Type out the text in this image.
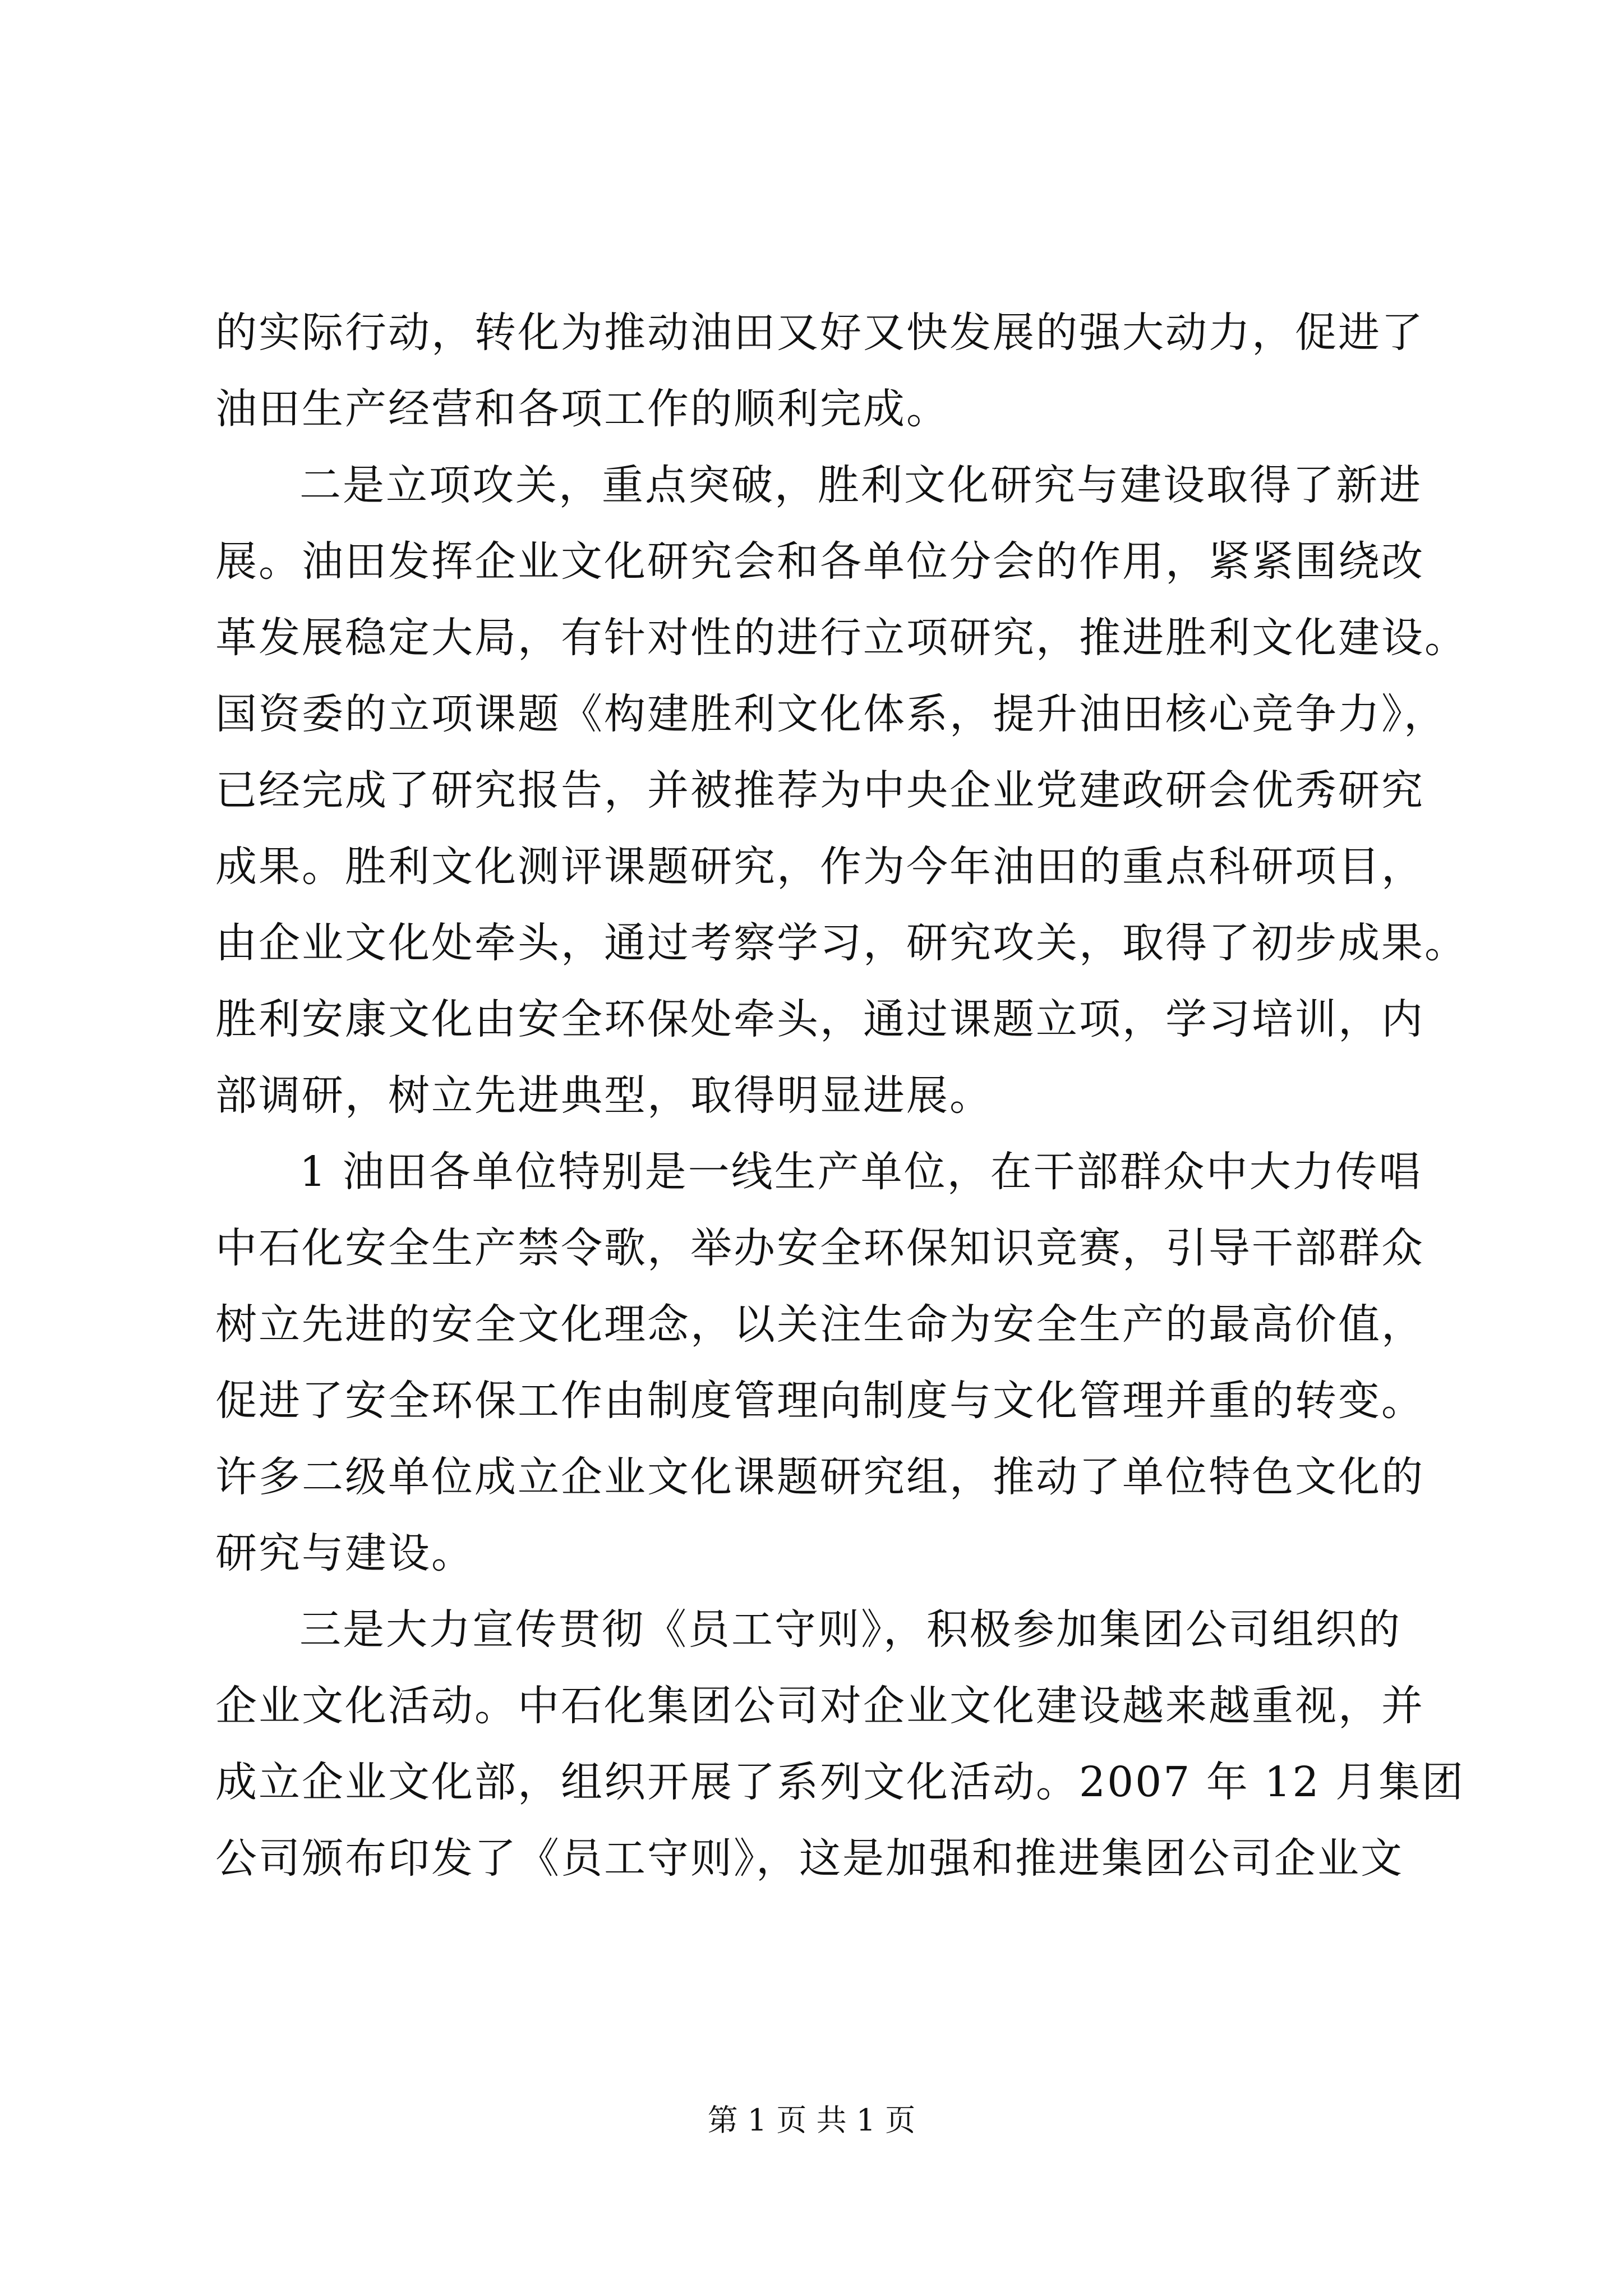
的实际行动，转化为推动油田又好又快发展的强大动力，促进了
油田生产经营和各项工作的顺利完成。
二是立项攻关，重点突破，胜利文化研究与建设取得了新进
展。油田发挥企业文化研究会和各单位分会的作用，紧紧围绕改
革发展稳定大局，有针对性的进行立项研究，推进胜利文化建设。
国资委的立项课题《构建胜利文化体系，提升油田核心竞争力》，
已经完成了研究报告，并被推荐为中央企业党建政研会优秀研究
成果。胜利文化测评课题研究，作为今年油田的重点科研项目，
由企业文化处牵头，通过考察学习，研究攻关，取得了初步成果。
胜利安康文化由安全环保处牵头，通过课题立项，学习培训，内
部调研，树立先进典型，取得明显进展。
1 油田各单位特别是一线生产单位，在干部群众中大力传唱
中石化安全生产禁令歌，举办安全环保知识竞赛，引导干部群众
树立先进的安全文化理念，以关注生命为安全生产的最高价值，
促进了安全环保工作由制度管理向制度与文化管理并重的转变。
许多二级单位成立企业文化课题研究组，推动了单位特色文化的
研究与建设。
三是大力宣传贯彻《员工守则》，积极参加集团公司组织的
企业文化活动。中石化集团公司对企业文化建设越来越重视，并
成立企业文化部，组织开展了系列文化活动。2007 年 12 月集团
公司颁布印发了《员工守则》，这是加强和推进集团公司企业文
第 1 页 共 1 页
